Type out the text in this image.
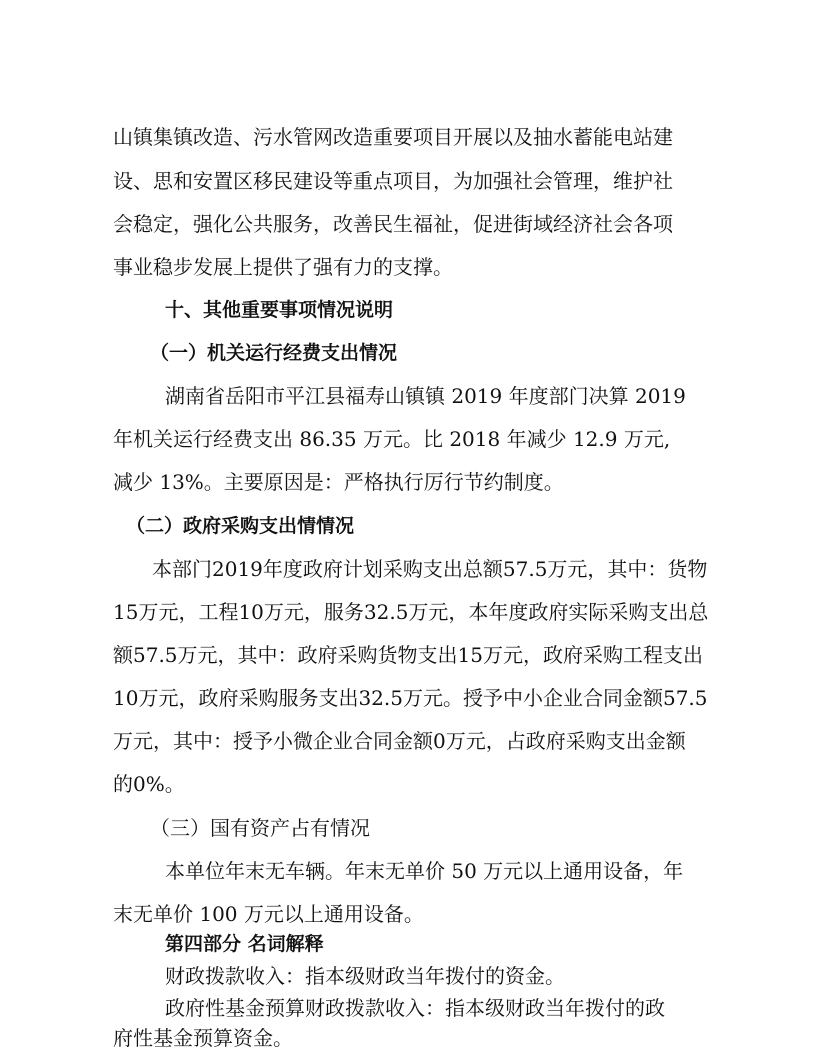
山镇集镇改造、污水管网改造重要项目开展以及抽水蓄能电站建
设、思和安置区移民建设等重点项目，为加强社会管理，维护社
会稳定，强化公共服务，改善民生福祉，促进街域经济社会各项
事业稳步发展上提供了强有力的支撑。
十、其他重要事项情况说明
（一）机关运行经费支出情况
湖南省岳阳市平江县福寿山镇镇 2019 年度部门决算 2019
年机关运行经费支出 86.35 万元。比 2018 年减少 12.9 万元,
减少 13%。主要原因是：严格执行厉行节约制度。
（二）政府采购支出情情况
本部门2019年度政府计划采购支出总额57.5万元，其中：货物
15万元，工程10万元，服务32.5万元，本年度政府实际采购支出总
额57.5万元，其中：政府采购货物支出15万元，政府采购工程支出
10万元，政府采购服务支出32.5万元。授予中小企业合同金额57.5
万元，其中：授予小微企业合同金额0万元，占政府采购支出金额
的0%。
（三）国有资产占有情况
本单位年末无车辆。年末无单价 50 万元以上通用设备，年
末无单价 100 万元以上通用设备。
第四部分 名词解释
财政拨款收入：指本级财政当年拨付的资金。
政府性基金预算财政拨款收入：指本级财政当年拨付的政
府性基金预算资金。
